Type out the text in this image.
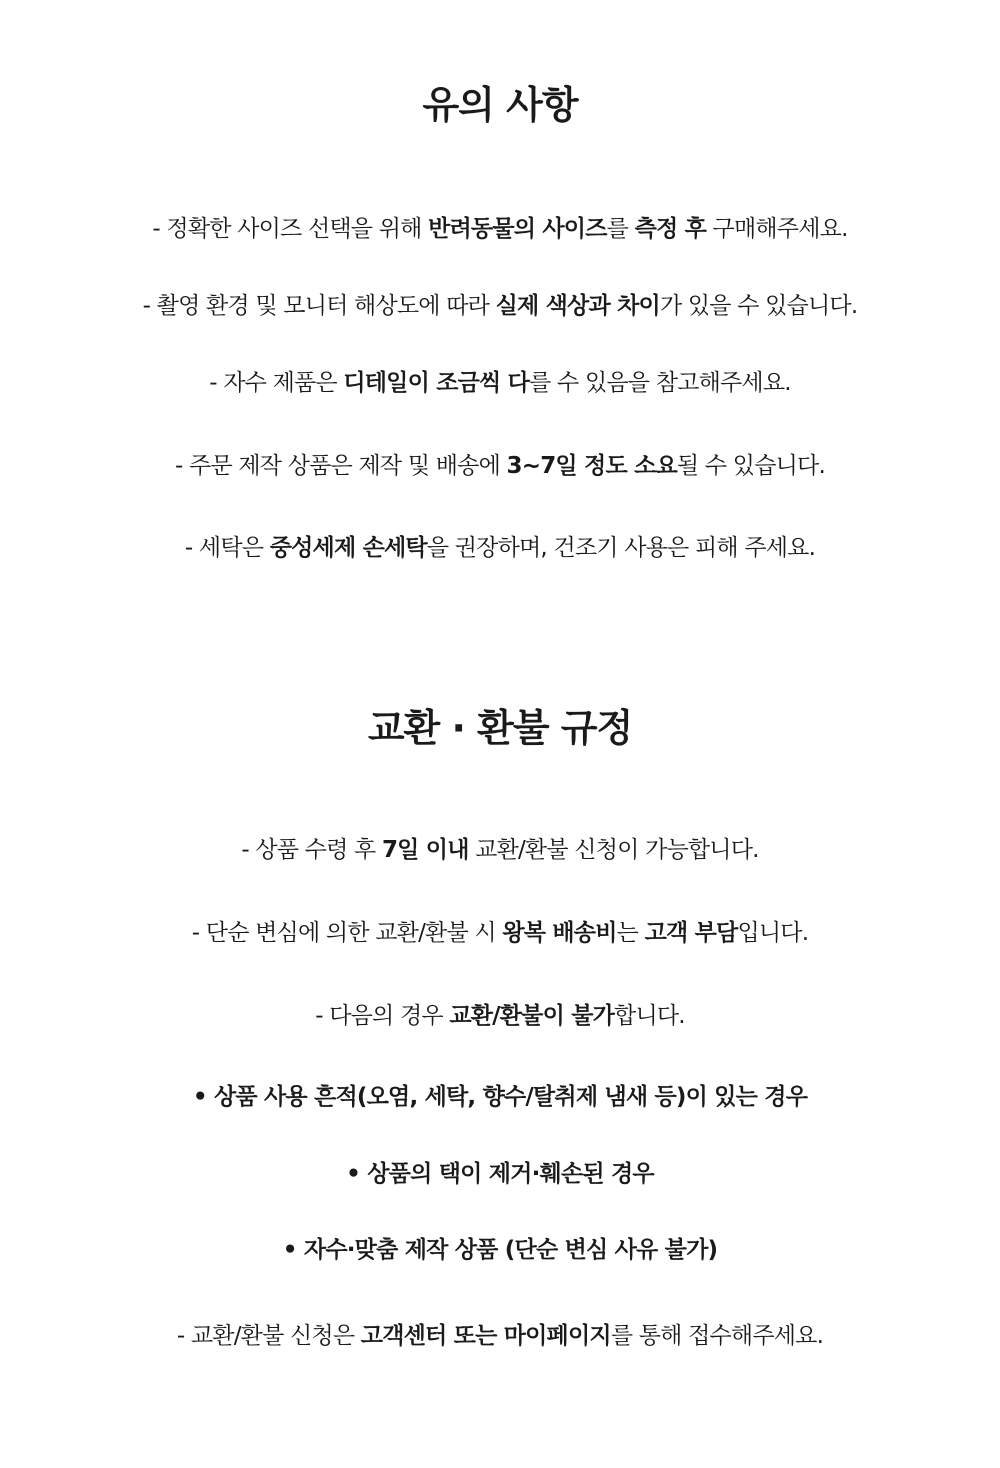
유의 사항

- 정확한 사이즈 선택을 위해 반려동물의 사이즈를 측정 후 구매해주세요.

- 촬영 환경 및 모니터 해상도에 따라 실제 색상과 차이가 있을 수 있습니다.

- 자수 제품은 디테일이 조금씩 다를 수 있음을 참고해주세요.

- 주문 제작 상품은 제작 및 배송에 3~7일 정도 소요될 수 있습니다.

- 세탁은 중성세제 손세탁을 권장하며, 건조기 사용은 피해 주세요.

교환 · 환불 규정

- 상품 수령 후 7일 이내 교환/환불 신청이 가능합니다.

- 단순 변심에 의한 교환/환불 시 왕복 배송비는 고객 부담입니다.

- 다음의 경우 교환/환불이 불가합니다.

• 상품 사용 흔적(오염, 세탁, 향수/탈취제 냄새 등)이 있는 경우

• 상품의 택이 제거·훼손된 경우

• 자수·맞춤 제작 상품 (단순 변심 사유 불가)

- 교환/환불 신청은 고객센터 또는 마이페이지를 통해 접수해주세요.
